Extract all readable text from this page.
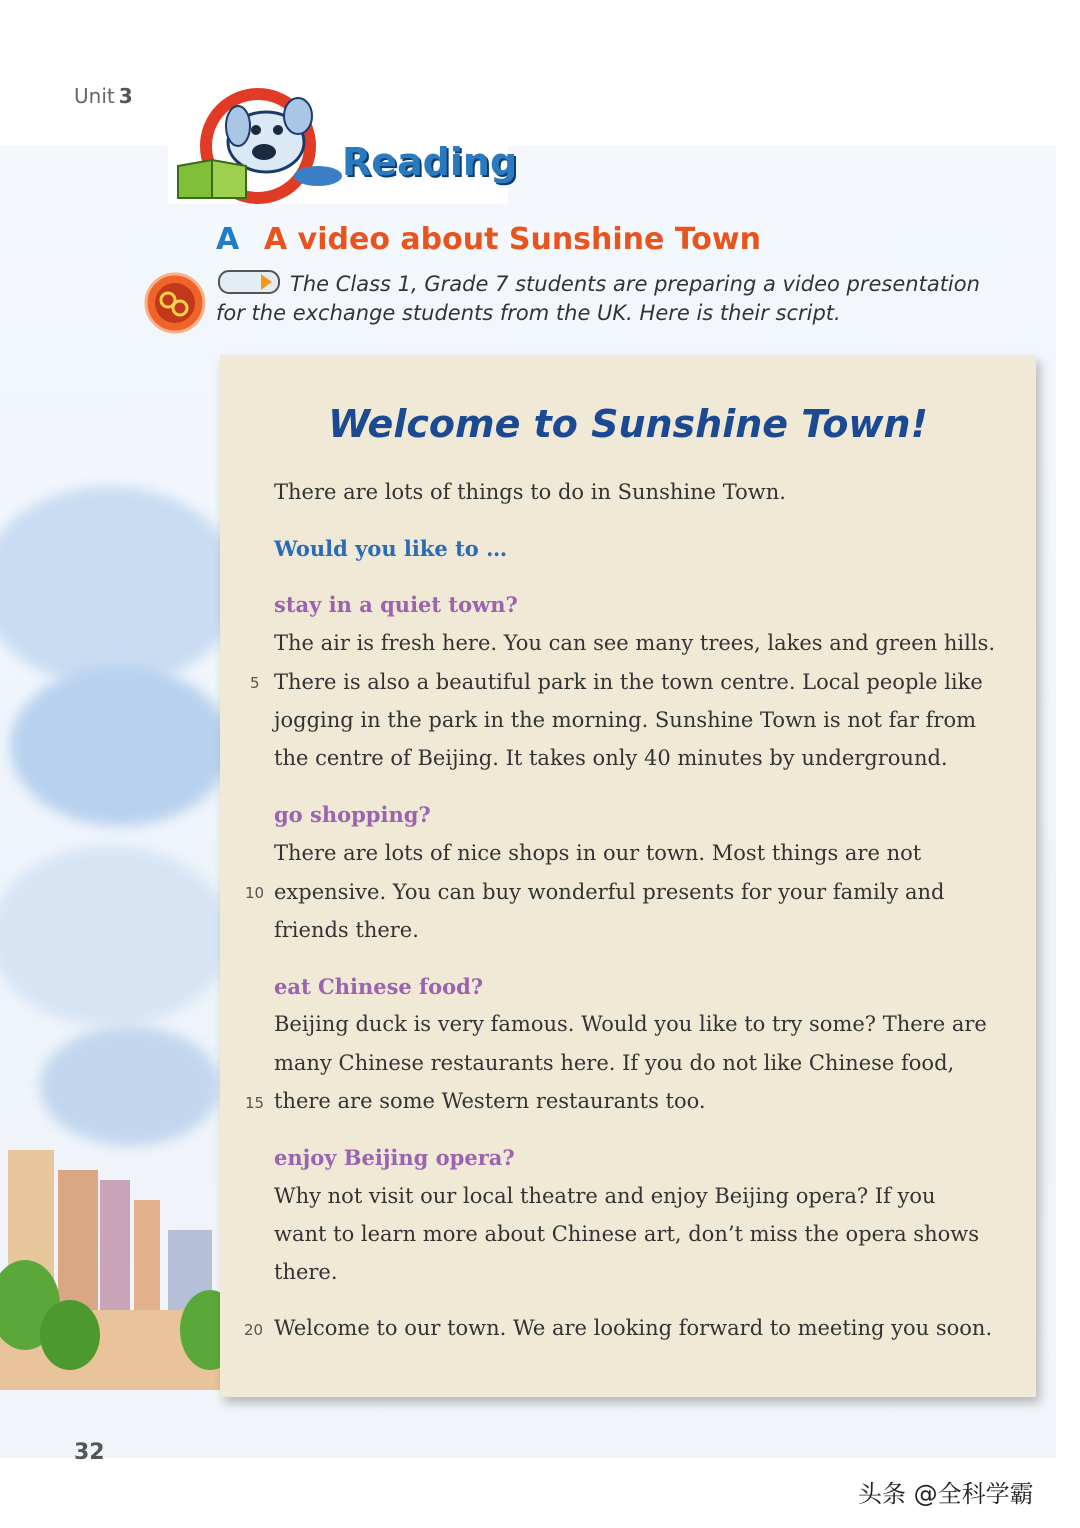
Unit 3
Reading
A A video about Sunshine Town
The Class 1, Grade 7 students are preparing a video presentation for the exchange students from the UK. Here is their script.
Welcome to Sunshine Town!
There are lots of things to do in Sunshine Town.
Would you like to …
stay in a quiet town?
The air is fresh here. You can see many trees, lakes and green hills.
There is also a beautiful park in the town centre. Local people like
jogging in the park in the morning. Sunshine Town is not far from
the centre of Beijing. It takes only 40 minutes by underground.
go shopping?
There are lots of nice shops in our town. Most things are not
expensive. You can buy wonderful presents for your family and
friends there.
eat Chinese food?
Beijing duck is very famous. Would you like to try some? There are
many Chinese restaurants here. If you do not like Chinese food,
there are some Western restaurants too.
enjoy Beijing opera?
Why not visit our local theatre and enjoy Beijing opera? If you
want to learn more about Chinese art, don’t miss the opera shows
there.
Welcome to our town. We are looking forward to meeting you soon.
5
10
15
20
32
头条 @全科学霸
